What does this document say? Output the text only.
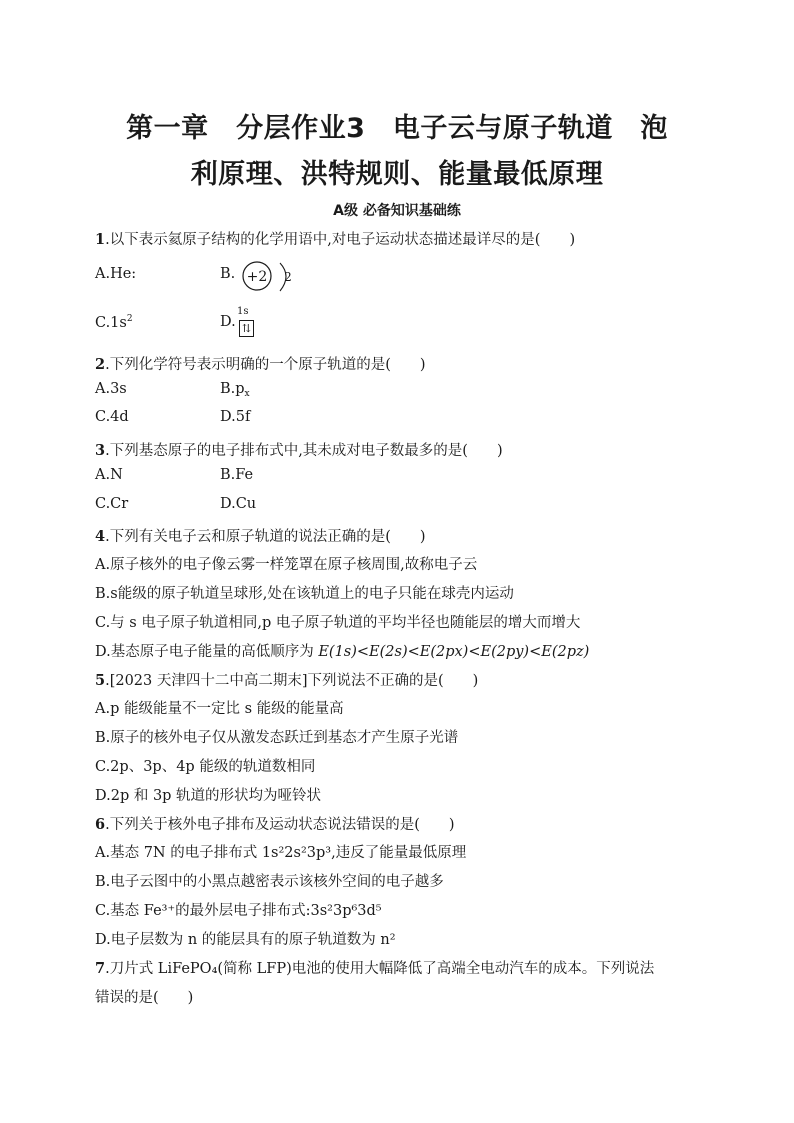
第一章　分层作业3　电子云与原子轨道　泡
利原理、洪特规则、能量最低原理
A级 必备知识基础练
1.以下表示氦原子结构的化学用语中,对电子运动状态描述最详尽的是(　　)
A.He:	B. +2 2
$C.1s^2$	D.
1s
⇅
2.下列化学符号表示明确的一个原子轨道的是(　　)
A.3s	$B.p_x$
C.4d	D.5f
3.下列基态原子的电子排布式中,其未成对电子数最多的是(　　)
A.N	B.Fe
C.Cr	D.Cu
4.下列有关电子云和原子轨道的说法正确的是(　　)
A.原子核外的电子像云雾一样笼罩在原子核周围,故称电子云
B.s能级的原子轨道呈球形,处在该轨道上的电子只能在球壳内运动
C.与 s 电子原子轨道相同,p 电子原子轨道的平均半径也随能层的增大而增大
D.基态原子电子能量的高低顺序为 E(1s)<E(2s)<E(2px)<E(2py)<E(2pz)
5.[2023 天津四十二中高二期末]下列说法不正确的是(　　)
A.p 能级能量不一定比 s 能级的能量高
B.原子的核外电子仅从激发态跃迁到基态才产生原子光谱
C.2p、3p、4p 能级的轨道数相同
D.2p 和 3p 轨道的形状均为哑铃状
6.下列关于核外电子排布及运动状态说法错误的是(　　)
A.基态 7N 的电子排布式 1s²2s²3p³,违反了能量最低原理
B.电子云图中的小黑点越密表示该核外空间的电子越多
C.基态 Fe³⁺的最外层电子排布式:3s²3p⁶3d⁵
D.电子层数为 n 的能层具有的原子轨道数为 n²
7.刀片式 LiFePO₄(简称 LFP)电池的使用大幅降低了高端全电动汽车的成本。下列说法
错误的是(　　)
